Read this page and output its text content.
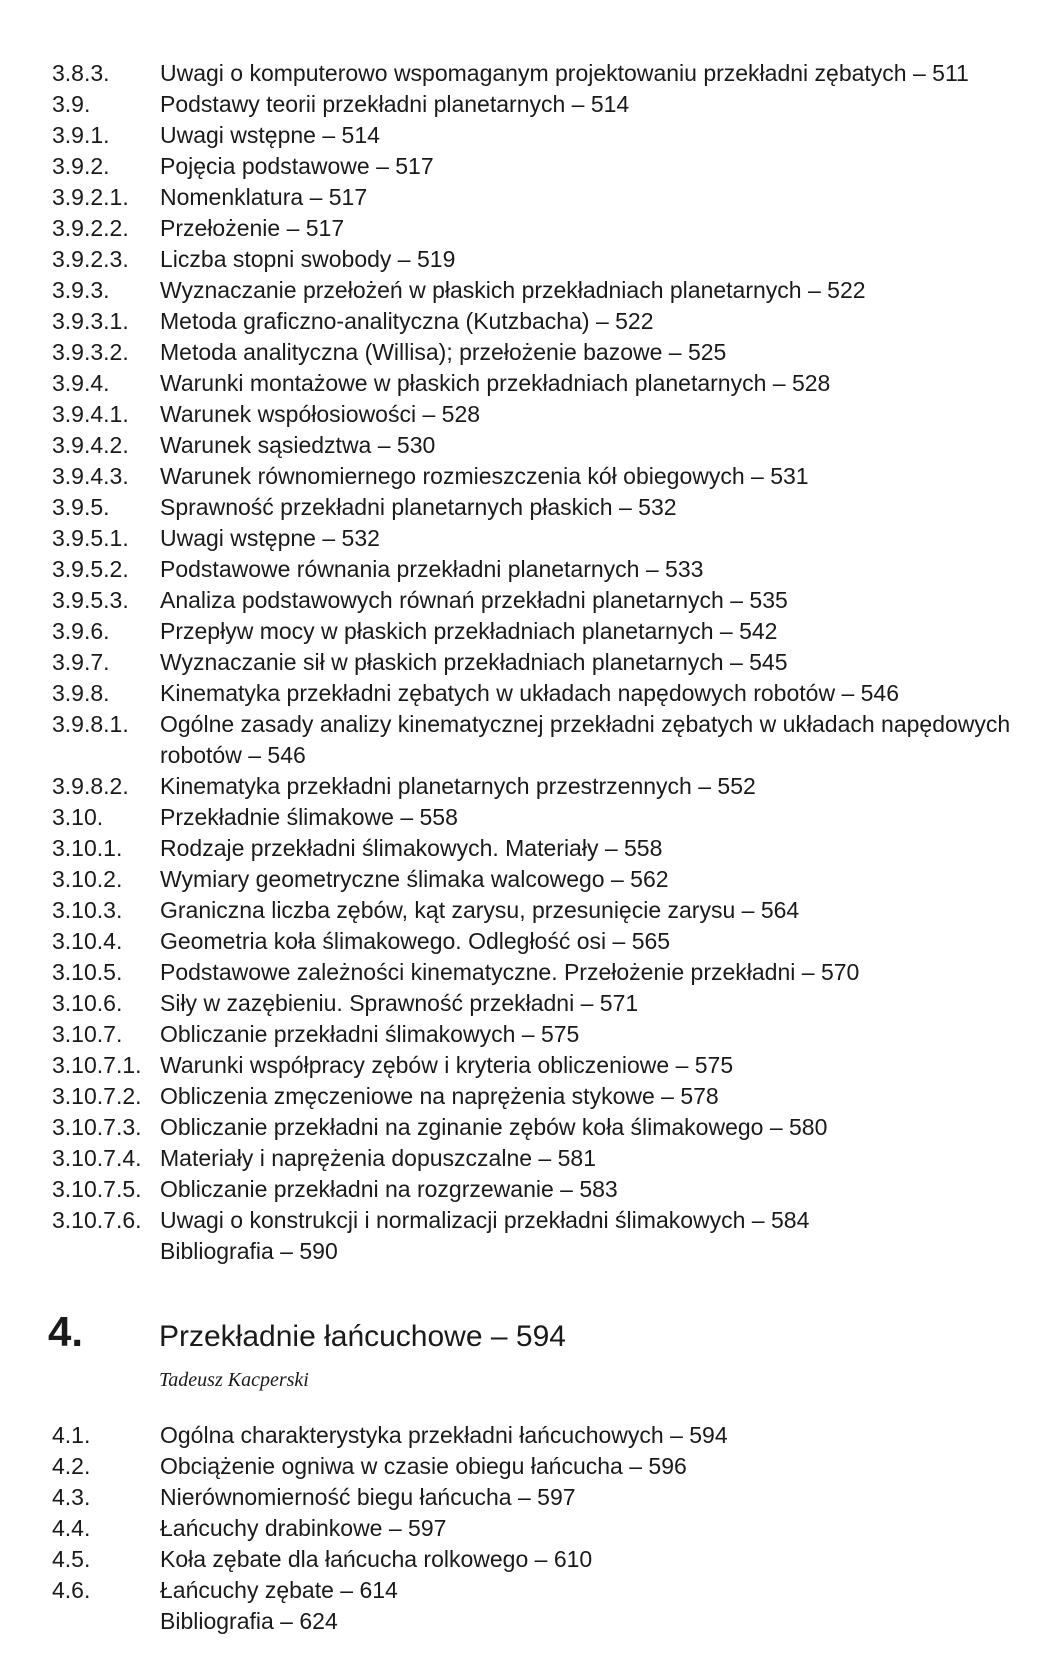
3.8.3.	Uwagi o komputerowo wspomaganym projektowaniu przekładni zębatych – 511
3.9.	Podstawy teorii przekładni planetarnych – 514
3.9.1.	Uwagi wstępne – 514
3.9.2.	Pojęcia podstawowe – 517
3.9.2.1.	Nomenklatura – 517
3.9.2.2.	Przełożenie – 517
3.9.2.3.	Liczba stopni swobody – 519
3.9.3.	Wyznaczanie przełożeń w płaskich przekładniach planetarnych – 522
3.9.3.1.	Metoda graficzno-analityczna (Kutzbacha) – 522
3.9.3.2.	Metoda analityczna (Willisa); przełożenie bazowe – 525
3.9.4.	Warunki montażowe w płaskich przekładniach planetarnych – 528
3.9.4.1.	Warunek współosiowości – 528
3.9.4.2.	Warunek sąsiedztwa – 530
3.9.4.3.	Warunek równomiernego rozmieszczenia kół obiegowych – 531
3.9.5.	Sprawność przekładni planetarnych płaskich – 532
3.9.5.1.	Uwagi wstępne – 532
3.9.5.2.	Podstawowe równania przekładni planetarnych – 533
3.9.5.3.	Analiza podstawowych równań przekładni planetarnych – 535
3.9.6.	Przepływ mocy w płaskich przekładniach planetarnych – 542
3.9.7.	Wyznaczanie sił w płaskich przekładniach planetarnych – 545
3.9.8.	Kinematyka przekładni zębatych w układach napędowych robotów – 546
3.9.8.1.	Ogólne zasady analizy kinematycznej przekładni zębatych w układach napędowych robotów – 546
3.9.8.2.	Kinematyka przekładni planetarnych przestrzennych – 552
3.10.	Przekładnie ślimakowe – 558
3.10.1.	Rodzaje przekładni ślimakowych. Materiały – 558
3.10.2.	Wymiary geometryczne ślimaka walcowego – 562
3.10.3.	Graniczna liczba zębów, kąt zarysu, przesunięcie zarysu – 564
3.10.4.	Geometria koła ślimakowego. Odległość osi – 565
3.10.5.	Podstawowe zależności kinematyczne. Przełożenie przekładni – 570
3.10.6.	Siły w zazębieniu. Sprawność przekładni – 571
3.10.7.	Obliczanie przekładni ślimakowych – 575
3.10.7.1. Warunki współpracy zębów i kryteria obliczeniowe – 575
3.10.7.2. Obliczenia zmęczeniowe na naprężenia stykowe – 578
3.10.7.3. Obliczanie przekładni na zginanie zębów koła ślimakowego – 580
3.10.7.4. Materiały i naprężenia dopuszczalne – 581
3.10.7.5. Obliczanie przekładni na rozgrzewanie – 583
3.10.7.6. Uwagi o konstrukcji i normalizacji przekładni ślimakowych – 584
Bibliografia – 590
4.	Przekładnie łańcuchowe – 594
Tadeusz Kacperski
4.1.	Ogólna charakterystyka przekładni łańcuchowych – 594
4.2.	Obciążenie ogniwa w czasie obiegu łańcucha – 596
4.3.	Nierównomierność biegu łańcucha – 597
4.4.	Łańcuchy drabinkowe – 597
4.5.	Koła zębate dla łańcucha rolkowego – 610
4.6.	Łańcuchy zębate – 614
Bibliografia – 624
